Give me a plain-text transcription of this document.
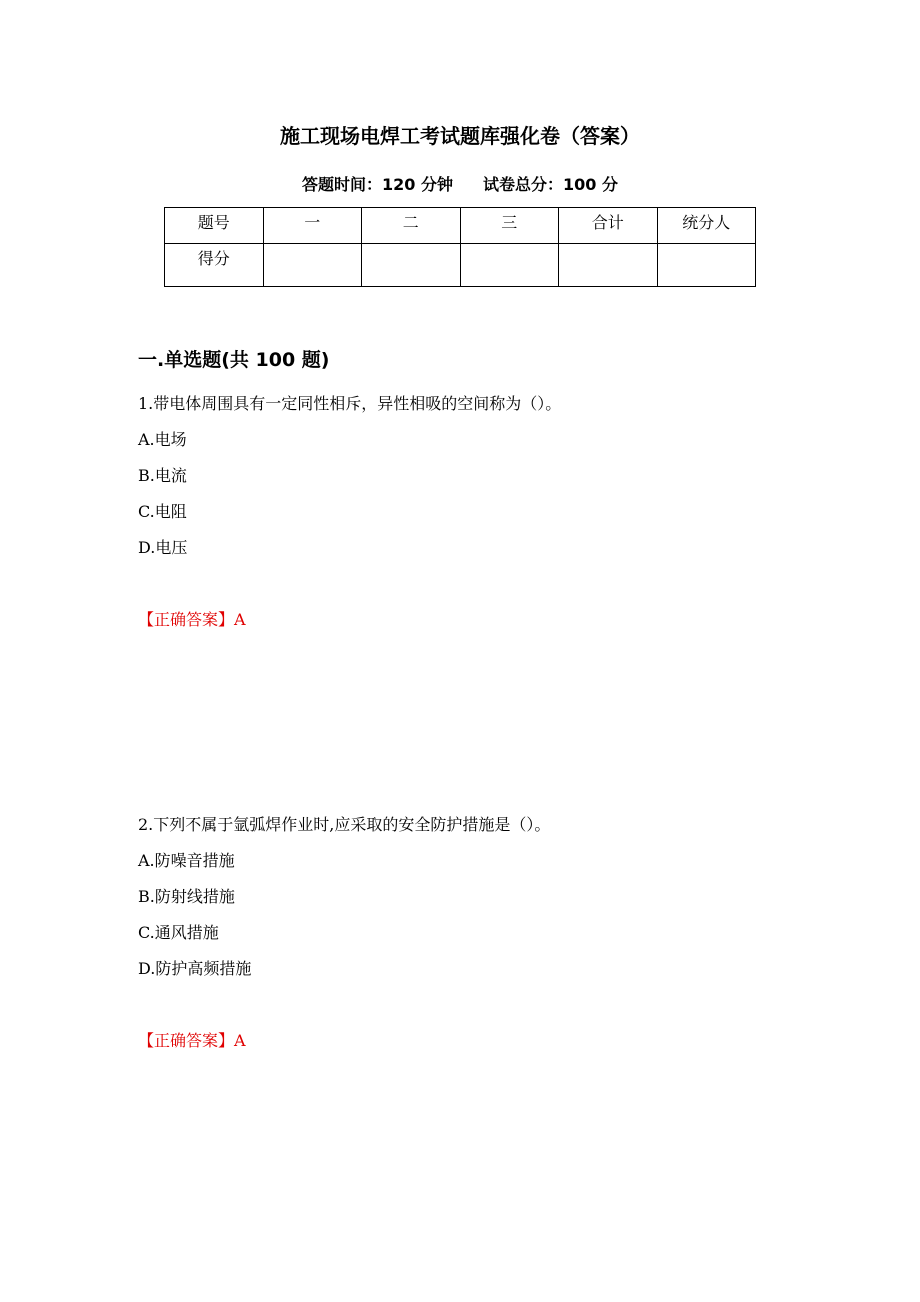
施工现场电焊工考试题库强化卷（答案）
答题时间：120 分钟 试卷总分：100 分
题号	一	二	三	合计	统分人
得分					
一.单选题(共 100 题)
1.带电体周围具有一定同性相斥，异性相吸的空间称为（）。
A.电场
B.电流
C.电阻
D.电压
【正确答案】A
2.下列不属于氩弧焊作业时,应采取的安全防护措施是（）。
A.防噪音措施
B.防射线措施
C.通风措施
D.防护高频措施
【正确答案】A
